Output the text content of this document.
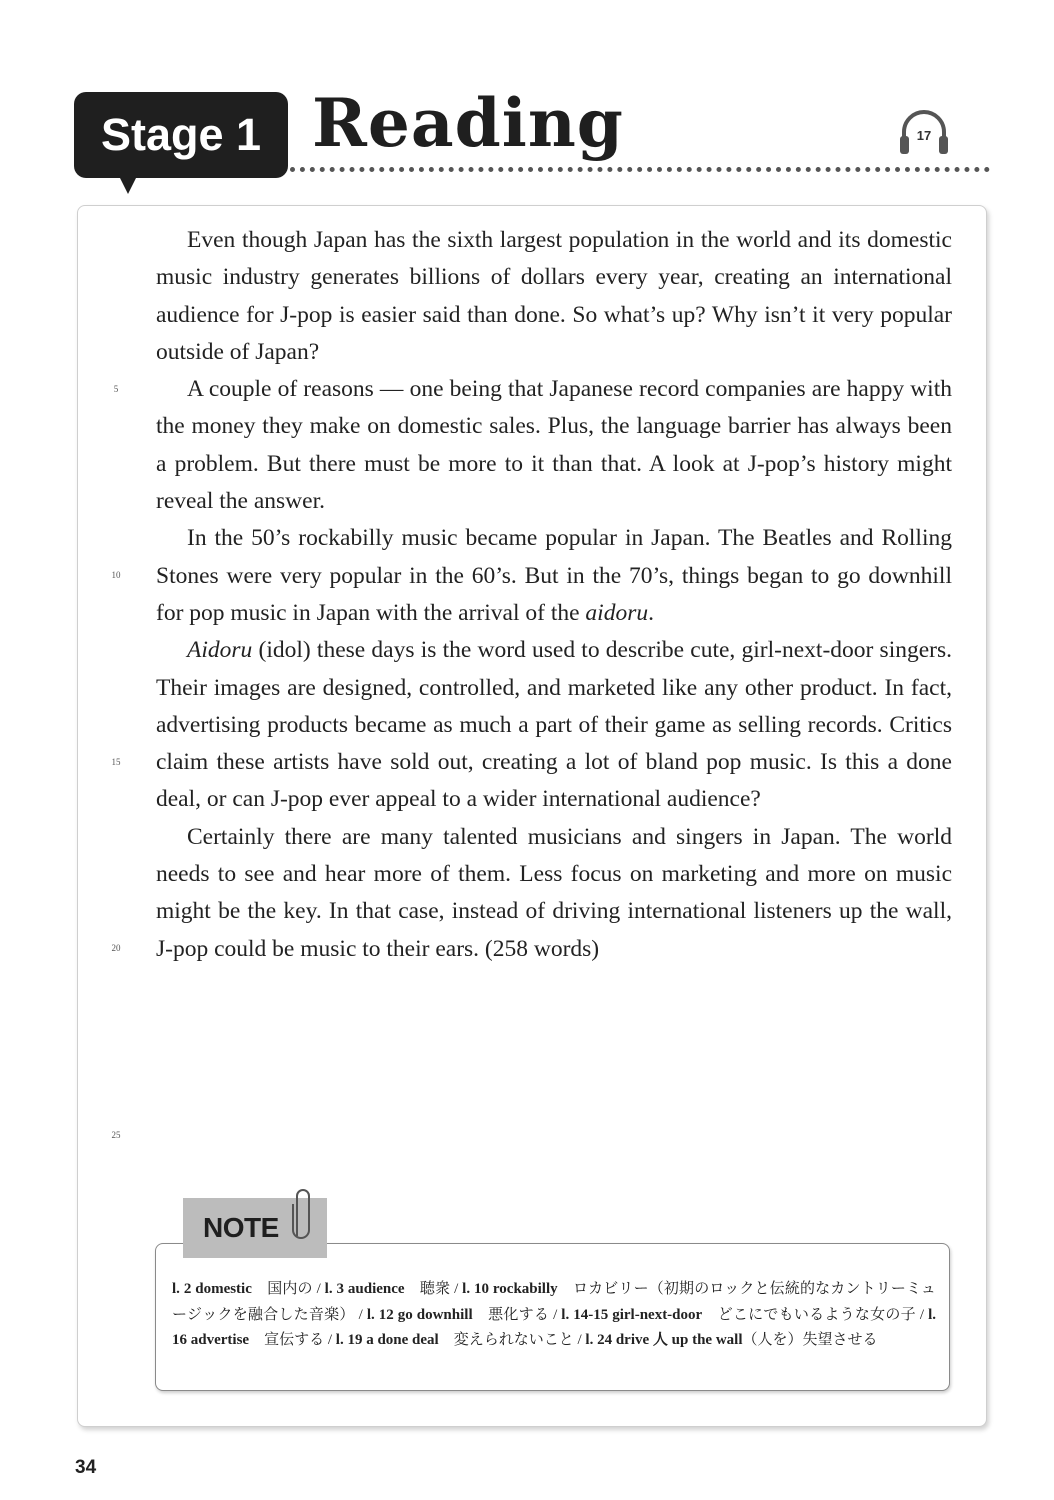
Stage 1 Reading	17
5
10
15
20
25

Even though Japan has the sixth largest population in the world and its domestic music industry generates billions of dollars every year, creating an international audience for J-pop is easier said than done. So what’s up? Why isn’t it very popular outside of Japan?

A couple of reasons — one being that Japanese record companies are happy with the money they make on domestic sales. Plus, the language barrier has always been a problem. But there must be more to it than that. A look at J-pop’s history might reveal the answer.

In the 50’s rockabilly music became popular in Japan. The Beatles and Rolling Stones were very popular in the 60’s. But in the 70’s, things began to go downhill for pop music in Japan with the arrival of the aidoru.

Aidoru (idol) these days is the word used to describe cute, girl-next-door singers. Their images are designed, controlled, and marketed like any other product. In fact, advertising products became as much a part of their game as selling records. Critics claim these artists have sold out, creating a lot of bland pop music. Is this a done deal, or can J-pop ever appeal to a wider international audience?

Certainly there are many talented musicians and singers in Japan. The world needs to see and hear more of them. Less focus on marketing and more on music might be the key. In that case, instead of driving international listeners up the wall, J-pop could be music to their ears. (258 words)

l. 2 domestic　 国内の / l. 3 audience　 聴衆 / l. 10 rockabilly　 ロカビリー（初期のロックと伝統的なカントリーミュージックを融合した音楽） / l. 12 go downhill　 悪化する / l. 14-15 girl-next-door　 どこにでもいるような女の子 / l. 16 advertise　 宣伝する / l. 19 a done deal　 変えられないこと / l. 24 drive 人 up the wall（人を）失望させる
NOTE
34
